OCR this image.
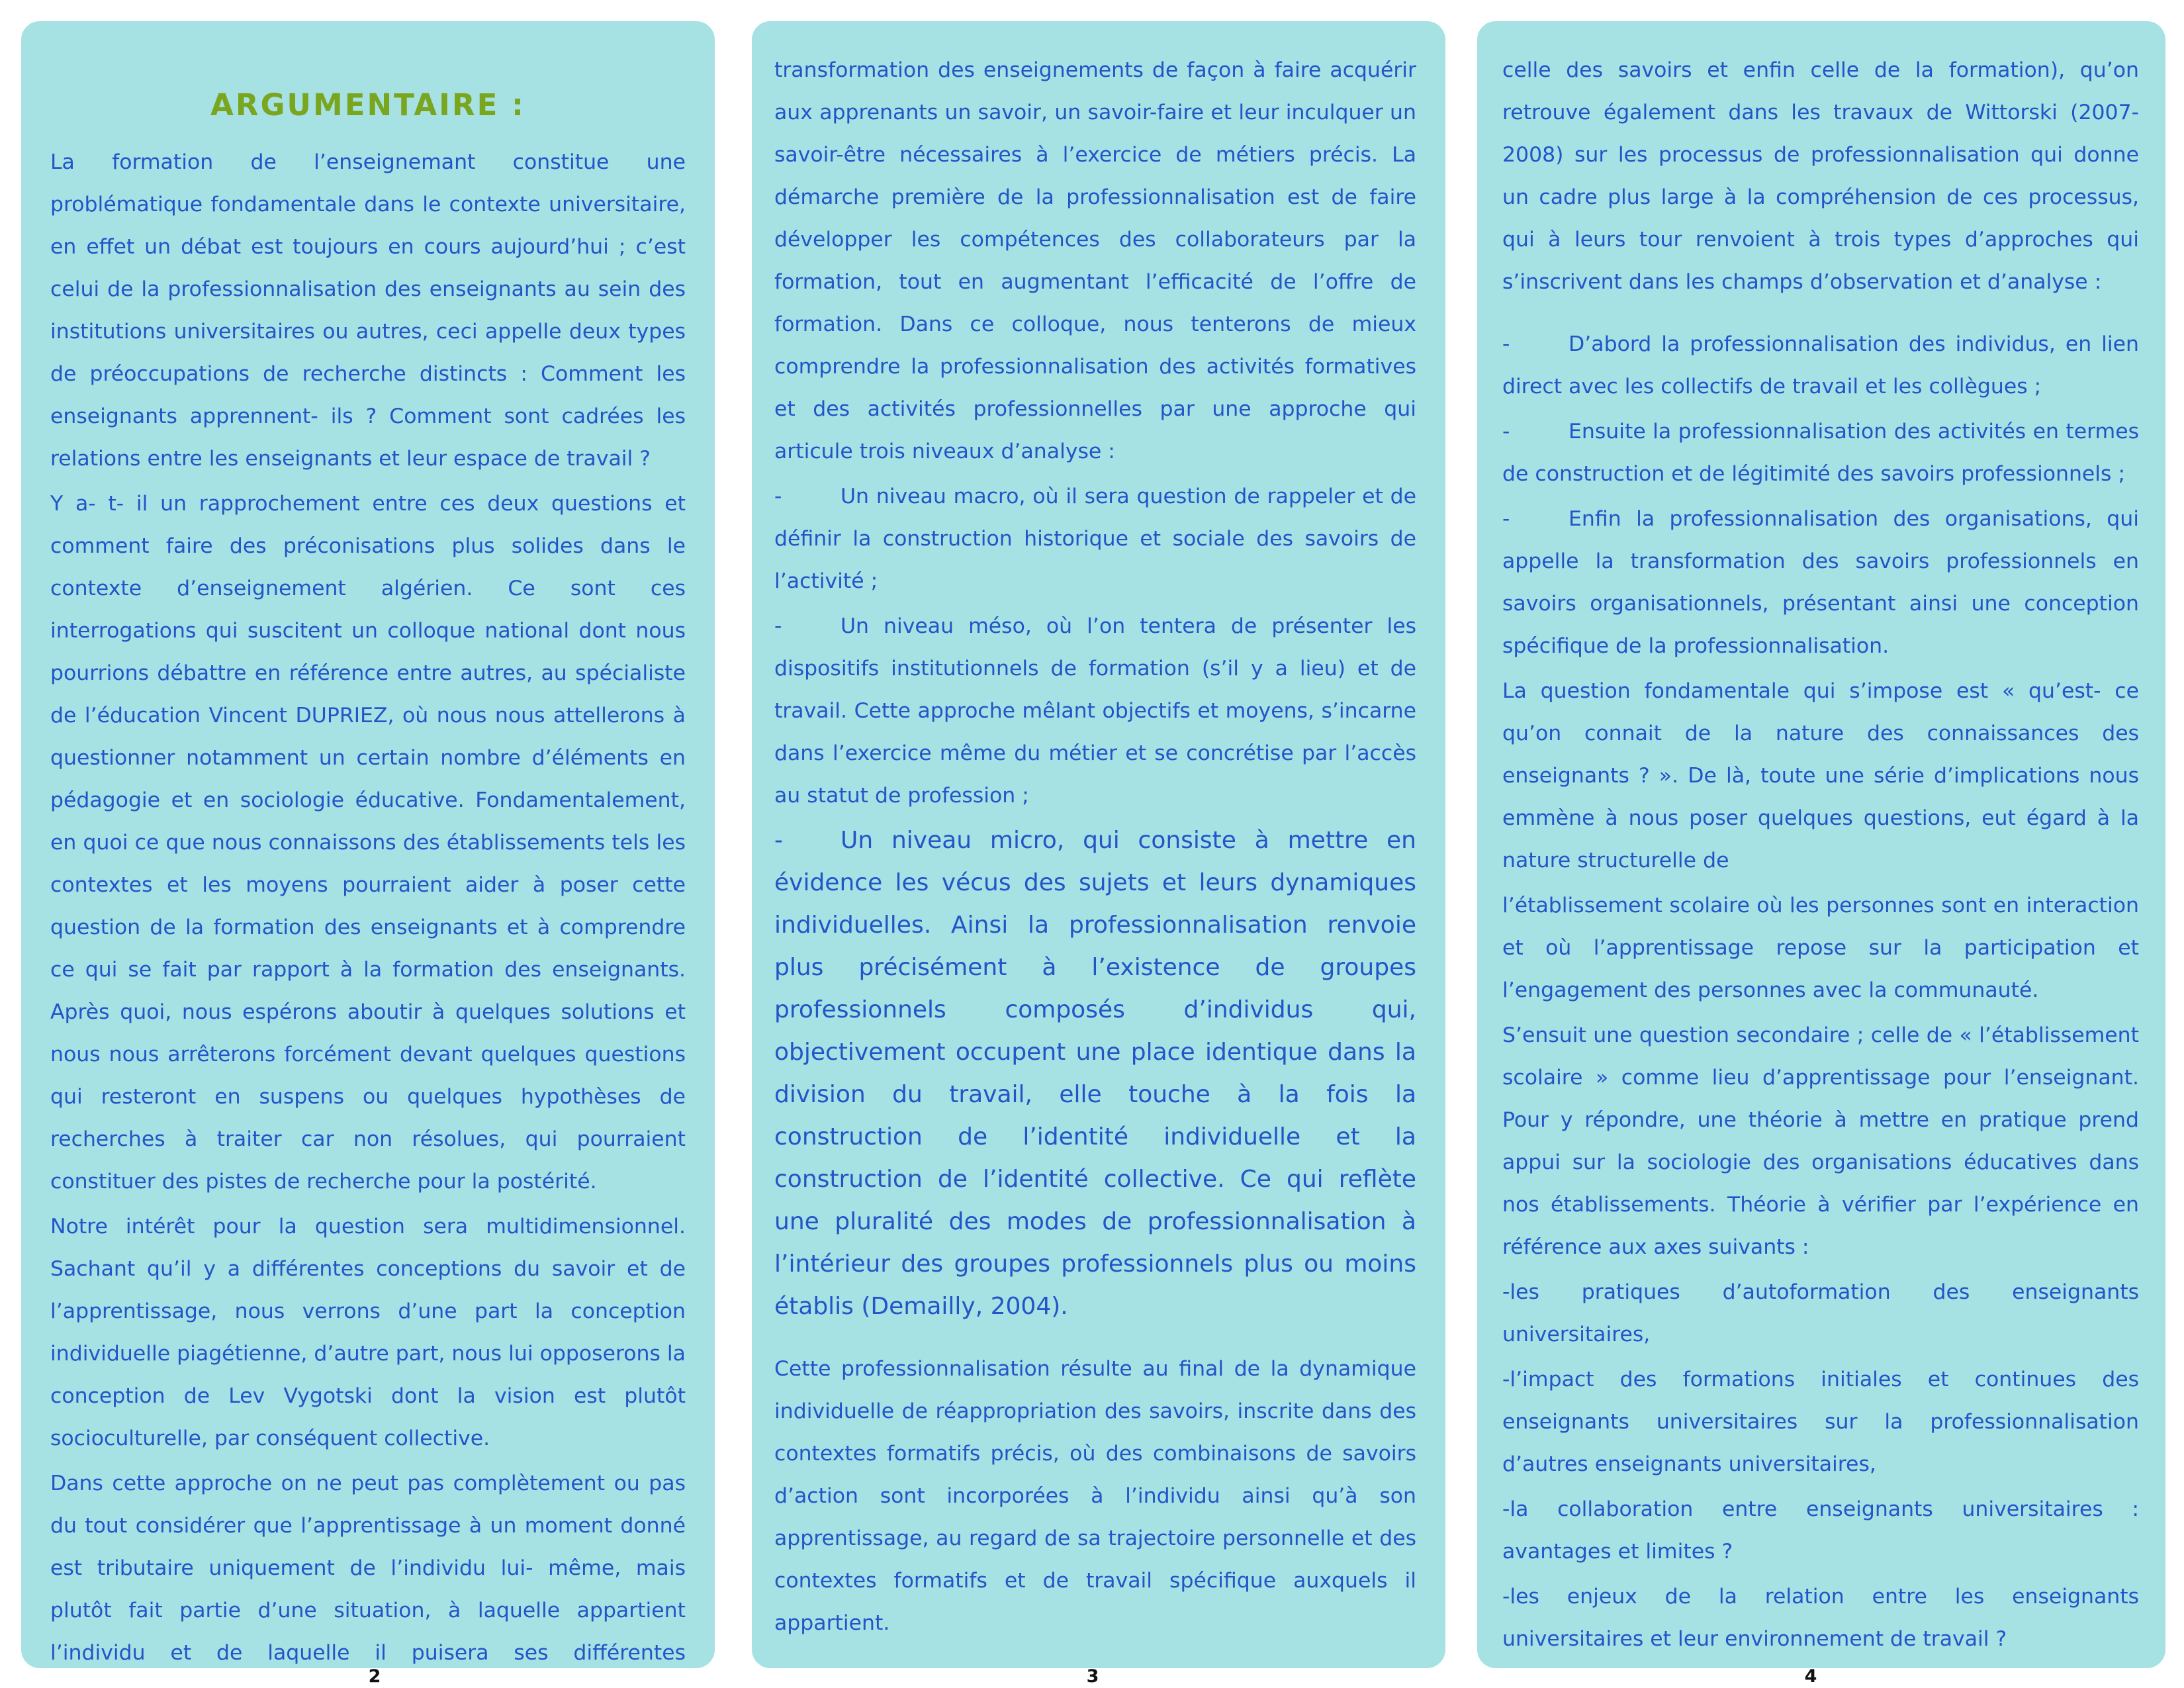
ARGUMENTAIRE :

La formation de l’enseignemant constitue une problématique fondamentale dans le contexte universitaire, en effet un débat est toujours en cours aujourd’hui ; c’est celui de la professionnalisation des enseignants au sein des institutions universitaires ou autres, ceci appelle deux types de préoccupations de recherche distincts : Comment les enseignants apprennent- ils ? Comment sont cadrées les relations entre les enseignants et leur espace de travail ?

Y a- t- il un rapprochement entre ces deux questions et comment faire des préconisations plus solides dans le contexte d’enseignement algérien. Ce sont ces interrogations qui suscitent un colloque national dont nous pourrions débattre en référence entre autres, au spécialiste de l’éducation Vincent DUPRIEZ, où nous nous attellerons à questionner notamment un certain nombre d’éléments en pédagogie et en sociologie éducative. Fondamentalement, en quoi ce que nous connaissons des établissements tels les contextes et les moyens pourraient aider à poser cette question de la formation des enseignants et à comprendre ce qui se fait par rapport à la formation des enseignants. Après quoi, nous espérons aboutir à quelques solutions et nous nous arrêterons forcément devant quelques questions qui resteront en suspens ou quelques hypothèses de recherches à traiter car non résolues, qui pourraient constituer des pistes de recherche pour la postérité.

Notre intérêt pour la question sera multidimensionnel. Sachant qu’il y a différentes conceptions du savoir et de l’apprentissage, nous verrons d’une part la conception individuelle piagétienne, d’autre part, nous lui opposerons la conception de Lev Vygotski dont la vision est plutôt socioculturelle, par conséquent collective.

Dans cette approche on ne peut pas complètement ou pas du tout considérer que l’apprentissage à un moment donné est tributaire uniquement de l’individu lui- même, mais plutôt fait partie d’une situation, à laquelle appartient l’individu et de laquelle il puisera ses différentes

transformation des enseignements de façon à faire acquérir aux apprenants un savoir, un savoir-faire et leur inculquer un savoir-être nécessaires à l’exercice de métiers précis. La démarche première de la professionnalisation est de faire développer les compétences des collaborateurs par la formation, tout en augmentant l’efficacité de l’offre de formation. Dans ce colloque, nous tenterons de mieux comprendre la professionnalisation des activités formatives et des activités professionnelles par une approche qui articule trois niveaux d’analyse :

-	Un niveau macro, où il sera question de rappeler et de définir la construction historique et sociale des savoirs de l’activité ;

-	Un niveau méso, où l’on tentera de présenter les dispositifs institutionnels de formation (s’il y a lieu) et de travail. Cette approche mêlant objectifs et moyens, s’incarne dans l’exercice même du métier et se concrétise par l’accès au statut de profession ;

- Un niveau micro, qui consiste à mettre en évidence les vécus des sujets et leurs dynamiques individuelles. Ainsi la professionnalisation renvoie plus précisément à l’existence de groupes professionnels composés d’individus qui, objectivement occupent une place identique dans la division du travail, elle touche à la fois la construction de l’identité individuelle et la construction de l’identité collective. Ce qui reflète une pluralité des modes de professionnalisation à l’intérieur des groupes professionnels plus ou moins établis (Demailly, 2004).

Cette professionnalisation résulte au final de la dynamique individuelle de réappropriation des savoirs, inscrite dans des contextes formatifs précis, où des combinaisons de savoirs d’action sont incorporées à l’individu ainsi qu’à son apprentissage, au regard de sa trajectoire personnelle et des contextes formatifs et de travail spécifique auxquels il appartient.

celle des savoirs et enfin celle de la formation), qu’on retrouve également dans les travaux de Wittorski (2007-2008) sur les processus de professionnalisation qui donne un cadre plus large à la compréhension de ces processus, qui à leurs tour renvoient à trois types d’approches qui s’inscrivent dans les champs d’observation et d’analyse :

-	D’abord la professionnalisation des individus, en lien direct avec les collectifs de travail et les collègues ;

-	Ensuite la professionnalisation des activités en termes de construction et de légitimité des savoirs professionnels ;

-	Enfin la professionnalisation des organisations, qui appelle la transformation des savoirs professionnels en savoirs organisationnels, présentant ainsi une conception spécifique de la professionnalisation.

La question fondamentale qui s’impose est « qu’est- ce qu’on connait de la nature des connaissances des enseignants ? ». De là, toute une série d’implications nous emmène à nous poser quelques questions, eut égard à la nature structurelle de

l’établissement scolaire où les personnes sont en interaction et où l’apprentissage repose sur la participation et l’engagement des personnes avec la communauté.

S’ensuit une question secondaire ; celle de « l’établissement scolaire » comme lieu d’apprentissage pour l’enseignant. Pour y répondre, une théorie à mettre en pratique prend appui sur la sociologie des organisations éducatives dans nos établissements. Théorie à vérifier par l’expérience en référence aux axes suivants :

-les pratiques d’autoformation des enseignants universitaires,

-l’impact des formations initiales et continues des enseignants universitaires sur la professionnalisation d’autres enseignants universitaires,

-la collaboration entre enseignants universitaires : avantages et limites ?

-les enjeux de la relation entre les enseignants universitaires et leur environnement de travail ?

2	3	4
